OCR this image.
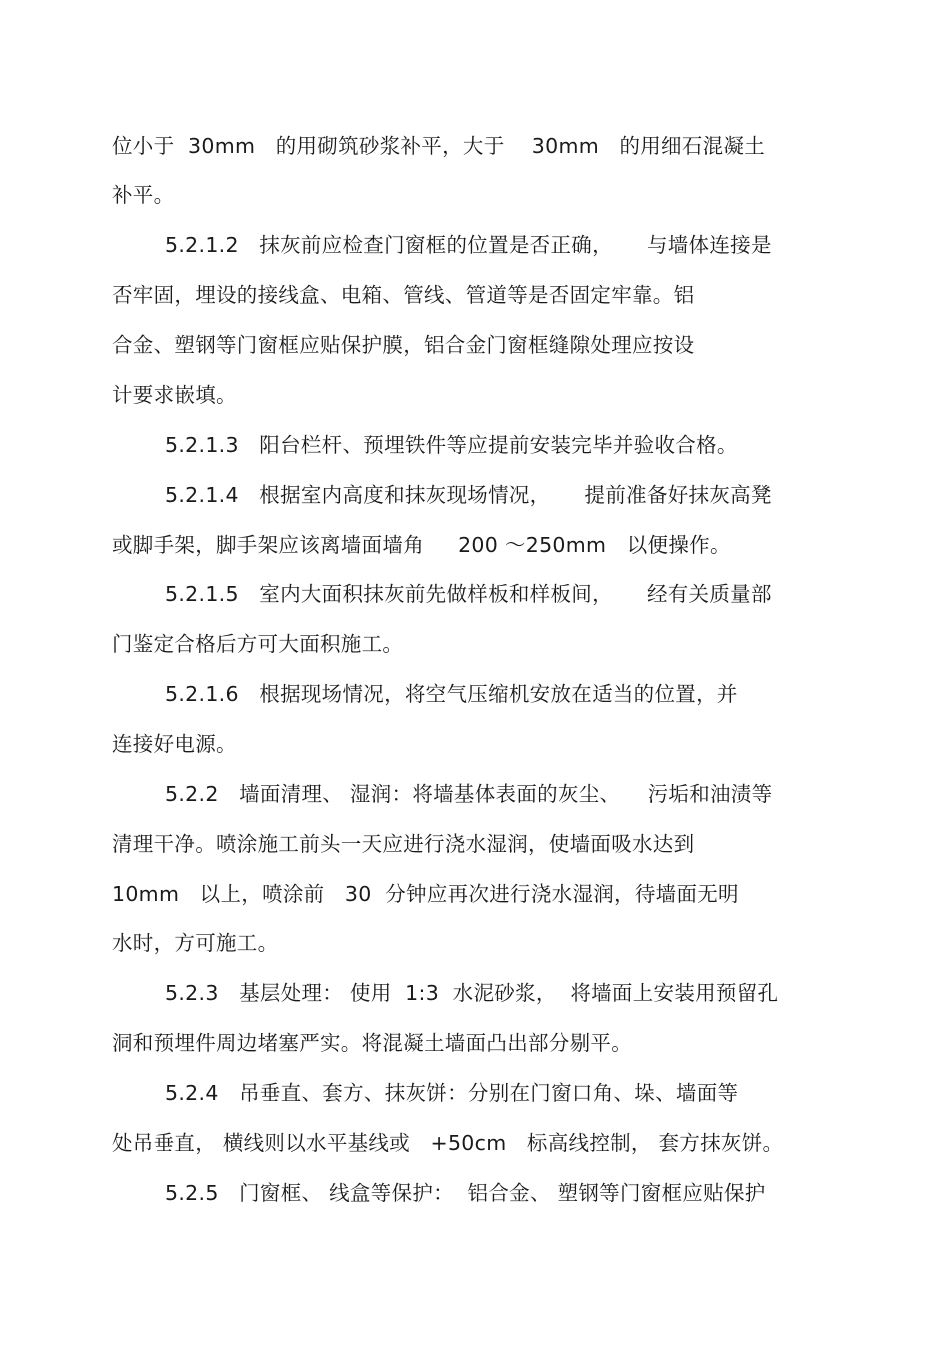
位小于  30mm   的用砌筑砂浆补平，大于    30mm   的用细石混凝土
补平。
5.2.1.2   抹灰前应检查门窗框的位置是否正确，     与墙体连接是
否牢固，埋设的接线盒、电箱、管线、管道等是否固定牢靠。铝
合金、塑钢等门窗框应贴保护膜，铝合金门窗框缝隙处理应按设
计要求嵌填。
5.2.1.3   阳台栏杆、预埋铁件等应提前安装完毕并验收合格。
5.2.1.4   根据室内高度和抹灰现场情况，     提前准备好抹灰高凳
或脚手架，脚手架应该离墙面墙角     200 ～250mm   以便操作。
5.2.1.5   室内大面积抹灰前先做样板和样板间，     经有关质量部
门鉴定合格后方可大面积施工。
5.2.1.6   根据现场情况，将空气压缩机安放在适当的位置，并
连接好电源。
5.2.2   墙面清理、 湿润：将墙基体表面的灰尘、    污垢和油渍等
清理干净。喷涂施工前头一天应进行浇水湿润，使墙面吸水达到
10mm   以上，喷涂前   30  分钟应再次进行浇水湿润，待墙面无明
水时，方可施工。
5.2.3   基层处理： 使用  1:3  水泥砂浆，  将墙面上安装用预留孔
洞和预埋件周边堵塞严实。将混凝土墙面凸出部分剔平。
5.2.4   吊垂直、套方、抹灰饼：分别在门窗口角、垛、墙面等
处吊垂直， 横线则以水平基线或   +50cm   标高线控制， 套方抹灰饼。
5.2.5   门窗框、 线盒等保护：  铝合金、 塑钢等门窗框应贴保护
